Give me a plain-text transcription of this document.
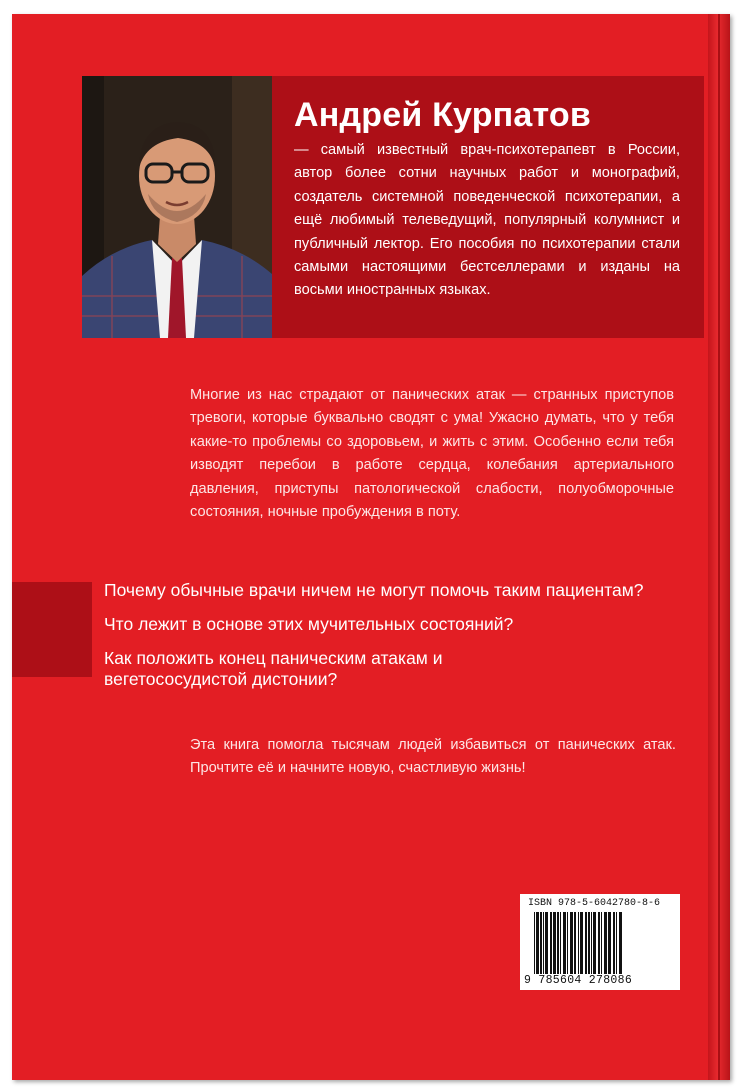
Андрей Курпатов

— самый известный врач-психотерапевт в России, автор более сотни научных работ и монографий, создатель системной поведенческой психотерапии, а ещё любимый телеведущий, популярный колумнист и публичный лектор. Его пособия по психотерапии стали самыми настоящими бестселлерами и изданы на восьми иностранных языках.

Многие из нас страдают от панических атак — странных приступов тревоги, которые буквально сводят с ума! Ужасно думать, что у тебя какие-то проблемы со здоровьем, и жить с этим. Особенно если тебя изводят перебои в работе сердца, колебания артериального давления, приступы патологической слабости, полуобморочные состояния, ночные пробуждения в поту.

Почему обычные врачи ничем не могут помочь таким пациентам?

Что лежит в основе этих мучительных состояний?

Как положить конец паническим атакам и вегетососудистой дистонии?

Эта книга помогла тысячам людей избавиться от панических атак. Прочтите её и начните новую, счастливую жизнь!

ISBN 978-5-6042780-8-6
9 785604 278086
